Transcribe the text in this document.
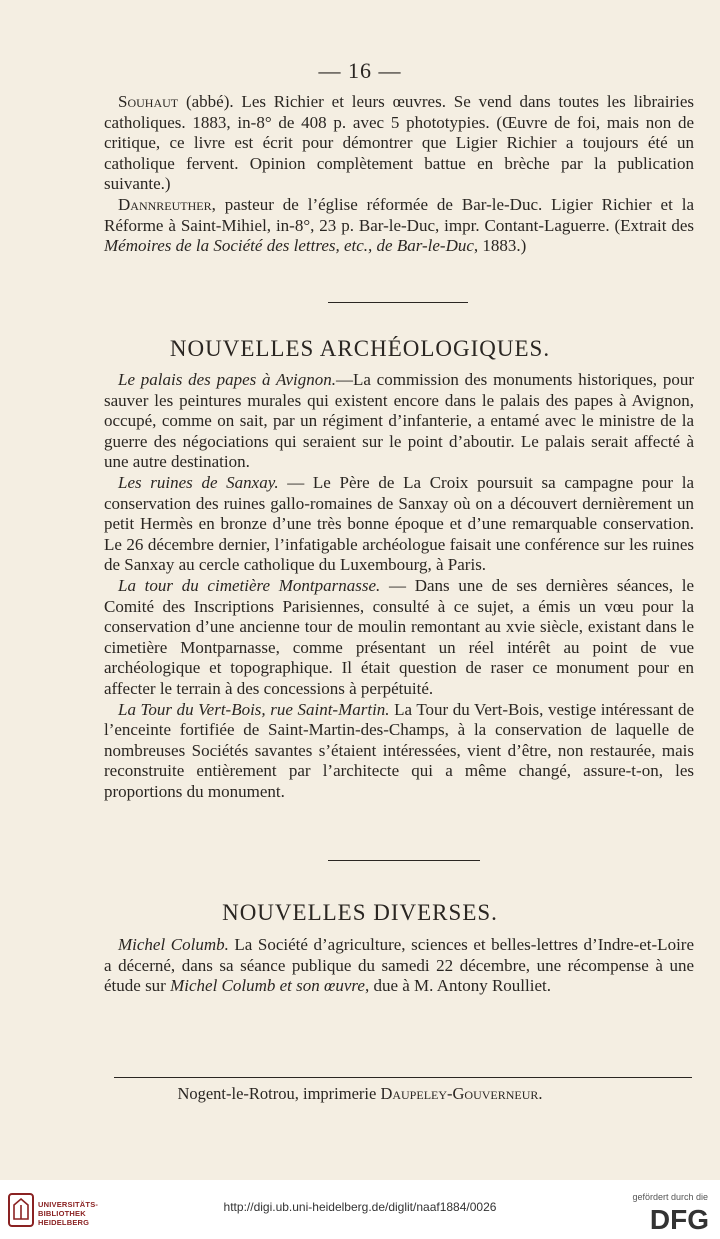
— 16 —

Souhaut (abbé). Les Richier et leurs œuvres. Se vend dans toutes les librairies catholiques. 1883, in-8° de 408 p. avec 5 phototypies. (Œuvre de foi, mais non de critique, ce livre est écrit pour démontrer que Ligier Richier a toujours été un catholique fervent. Opinion complètement battue en brèche par la publication suivante.)

Dannreuther, pasteur de l’église réformée de Bar-le-Duc. Ligier Richier et la Réforme à Saint-Mihiel, in-8°, 23 p. Bar-le-Duc, impr. Contant-Laguerre. (Extrait des Mémoires de la Société des lettres, etc., de Bar-le-Duc, 1883.)

NOUVELLES ARCHÉOLOGIQUES.

Le palais des papes à Avignon.—La commission des monuments historiques, pour sauver les peintures murales qui existent encore dans le palais des papes à Avignon, occupé, comme on sait, par un régiment d’infanterie, a entamé avec le ministre de la guerre des négociations qui seraient sur le point d’aboutir. Le palais serait affecté à une autre destination.

Les ruines de Sanxay. — Le Père de La Croix poursuit sa campagne pour la conservation des ruines gallo-romaines de Sanxay où on a découvert dernièrement un petit Hermès en bronze d’une très bonne époque et d’une remarquable conservation. Le 26 décembre dernier, l’infatigable archéologue faisait une conférence sur les ruines de Sanxay au cercle catholique du Luxembourg, à Paris.

La tour du cimetière Montparnasse. — Dans une de ses dernières séances, le Comité des Inscriptions Parisiennes, consulté à ce sujet, a émis un vœu pour la conservation d’une ancienne tour de moulin remontant au xvie siècle, existant dans le cimetière Montparnasse, comme présentant un réel intérêt au point de vue archéologique et topographique. Il était question de raser ce monument pour en affecter le terrain à des concessions à perpétuité.

La Tour du Vert-Bois, rue Saint-Martin. La Tour du Vert-Bois, vestige intéressant de l’enceinte fortifiée de Saint-Martin-des-Champs, à la conservation de laquelle de nombreuses Sociétés savantes s’étaient intéressées, vient d’être, non restaurée, mais reconstruite entièrement par l’architecte qui a même changé, assure-t-on, les proportions du monument.

NOUVELLES DIVERSES.

Michel Columb. La Société d’agriculture, sciences et belles-lettres d’Indre-et-Loire a décerné, dans sa séance publique du samedi 22 décembre, une récompense à une étude sur Michel Columb et son œuvre, due à M. Antony Roulliet.

Nogent-le-Rotrou, imprimerie Daupeley-Gouverneur.
UNIVERSITÄTS-
BIBLIOTHEK
HEIDELBERG
http://digi.ub.uni-heidelberg.de/diglit/naaf1884/0026
gefördert durch die
DFG
